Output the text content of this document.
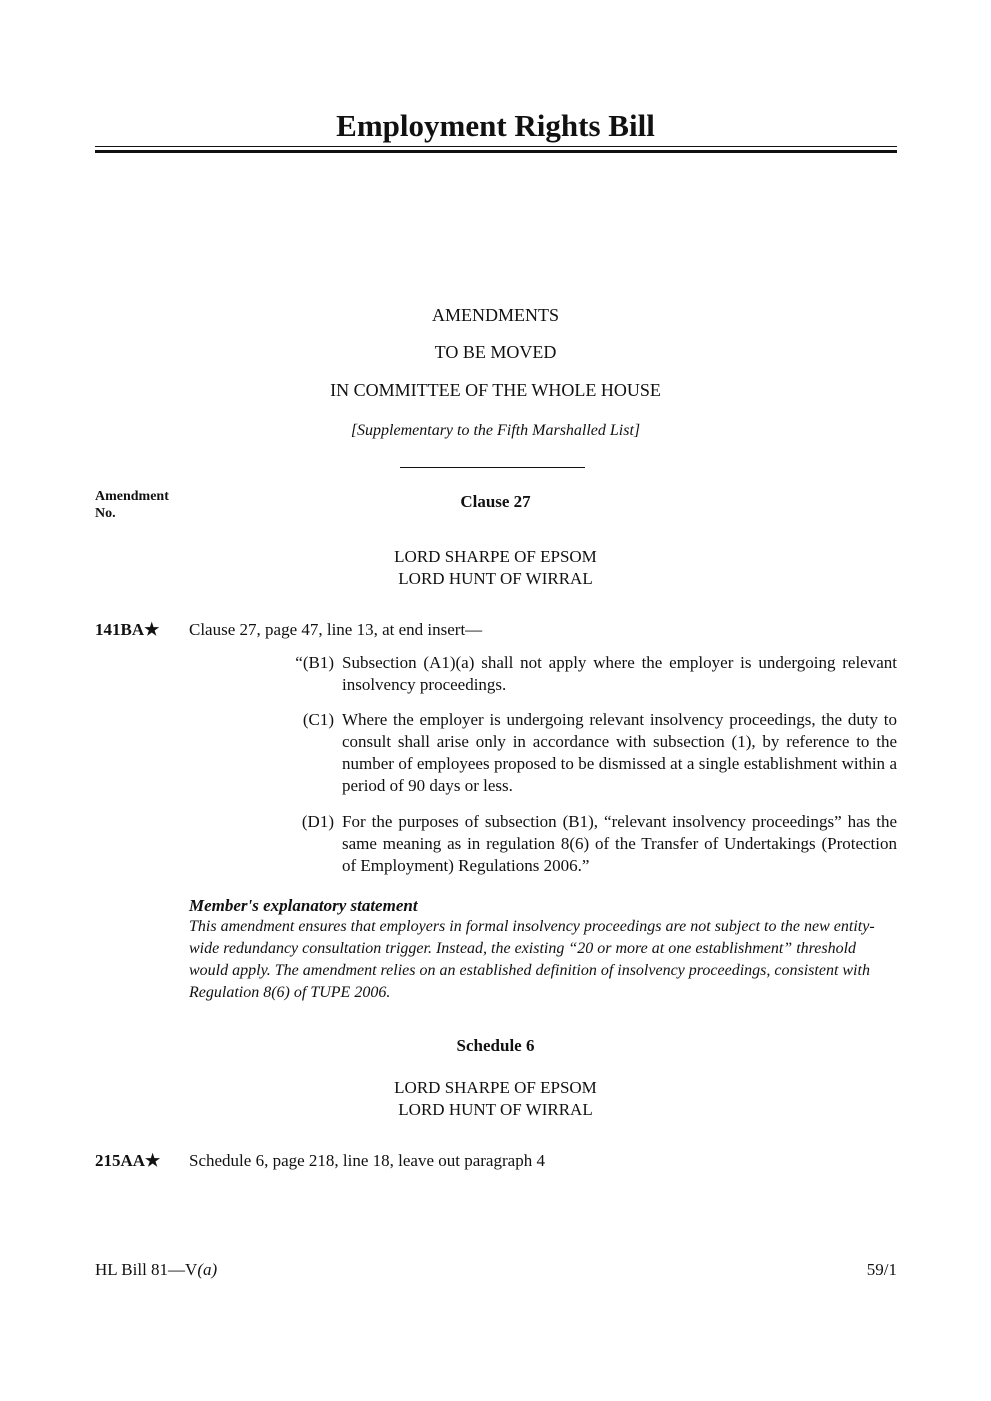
Employment Rights Bill
AMENDMENTS
TO BE MOVED
IN COMMITTEE OF THE WHOLE HOUSE
[Supplementary to the Fifth Marshalled List]
Amendment
No.
Clause 27
LORD SHARPE OF EPSOM
LORD HUNT OF WIRRAL
141BA★ Clause 27, page 47, line 13, at end insert—
“(B1) Subsection (A1)(a) shall not apply where the employer is undergoing relevant insolvency proceedings.
(C1) Where the employer is undergoing relevant insolvency proceedings, the duty to consult shall arise only in accordance with subsection (1), by reference to the number of employees proposed to be dismissed at a single establishment within a period of 90 days or less.
(D1) For the purposes of subsection (B1), “relevant insolvency proceedings” has the same meaning as in regulation 8(6) of the Transfer of Undertakings (Protection of Employment) Regulations 2006.”
Member's explanatory statement
This amendment ensures that employers in formal insolvency proceedings are not subject to the new entity-wide redundancy consultation trigger. Instead, the existing “20 or more at one establishment” threshold would apply. The amendment relies on an established definition of insolvency proceedings, consistent with Regulation 8(6) of TUPE 2006.
Schedule 6
LORD SHARPE OF EPSOM
LORD HUNT OF WIRRAL
215AA★ Schedule 6, page 218, line 18, leave out paragraph 4
HL Bill 81—V(a)	59/1
